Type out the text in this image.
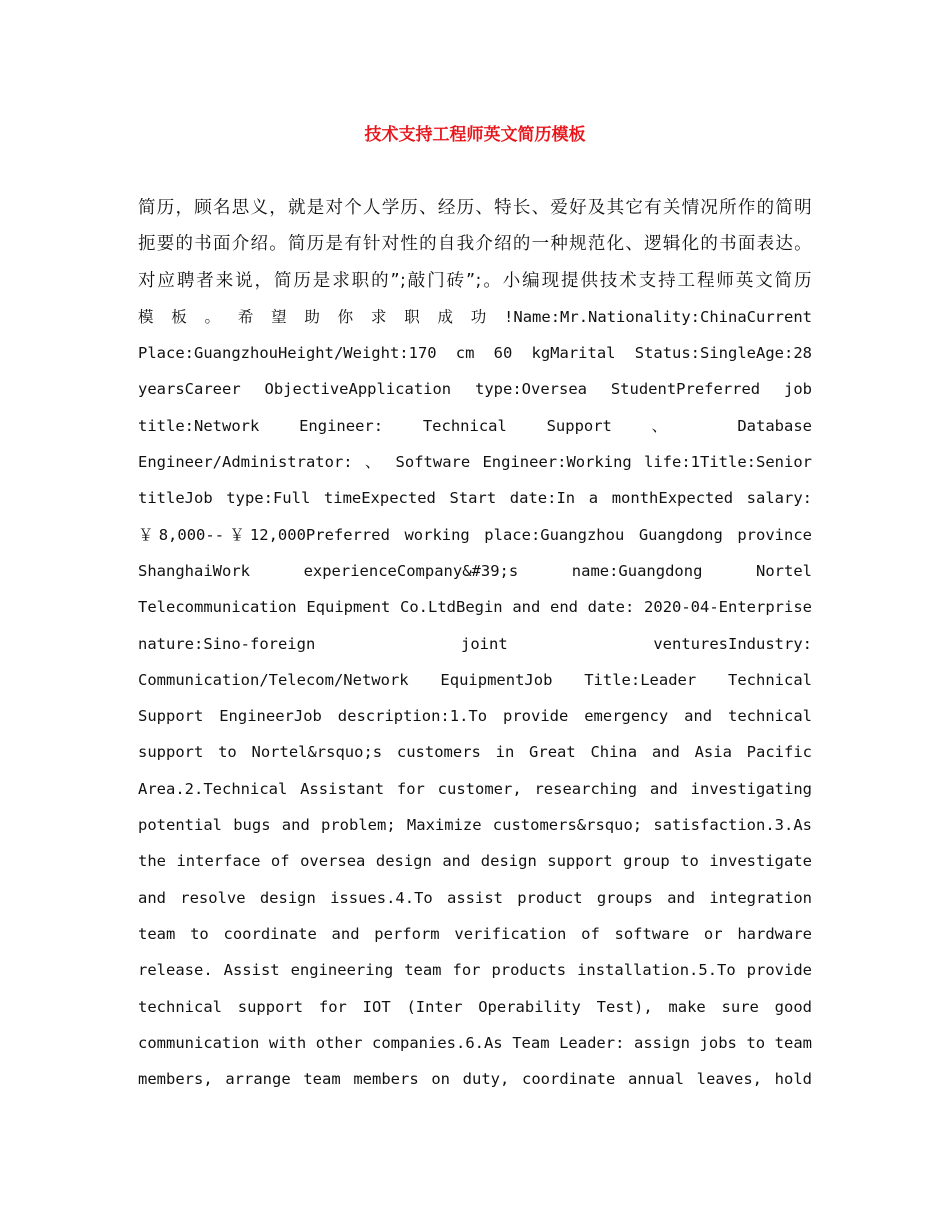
技术支持工程师英文简历模板
简历，顾名思义，就是对个人学历、经历、特长、爱好及其它有关情况所作的简明
扼要的书面介绍。简历是有针对性的自我介绍的一种规范化、逻辑化的书面表达。
对应聘者来说，简历是求职的”;敲门砖”;。小编现提供技术支持工程师英文简历
模 板 。 希 望 助 你 求 职 成 功 !Name:Mr.Nationality:ChinaCurrent
Place:GuangzhouHeight/Weight:170 cm 60 kgMarital Status:SingleAge:28
yearsCareer ObjectiveApplication type:Oversea StudentPreferred job
title:Network Engineer: Technical Support 、 Database
Engineer/Administrator: 、 Software Engineer:Working life:1Title:Senior
titleJob type:Full timeExpected Start date:In a monthExpected salary:
￥8,000--￥12,000Preferred working place:Guangzhou Guangdong province
ShanghaiWork experienceCompany&#39;s name:Guangdong Nortel
Telecommunication Equipment Co.LtdBegin and end date: 2020-04-Enterprise
nature:Sino-foreign joint venturesIndustry:
Communication/Telecom/Network EquipmentJob Title:Leader Technical
Support EngineerJob description:1.To provide emergency and technical
support to Nortel&rsquo;s customers in Great China and Asia Pacific
Area.2.Technical Assistant for customer, researching and investigating
potential bugs and problem; Maximize customers&rsquo; satisfaction.3.As
the interface of oversea design and design support group to investigate
and resolve design issues.4.To assist product groups and integration
team to coordinate and perform verification of software or hardware
release. Assist engineering team for products installation.5.To provide
technical support for IOT (Inter Operability Test), make sure good
communication with other companies.6.As Team Leader: assign jobs to team
members, arrange team members on duty, coordinate annual leaves, hold
